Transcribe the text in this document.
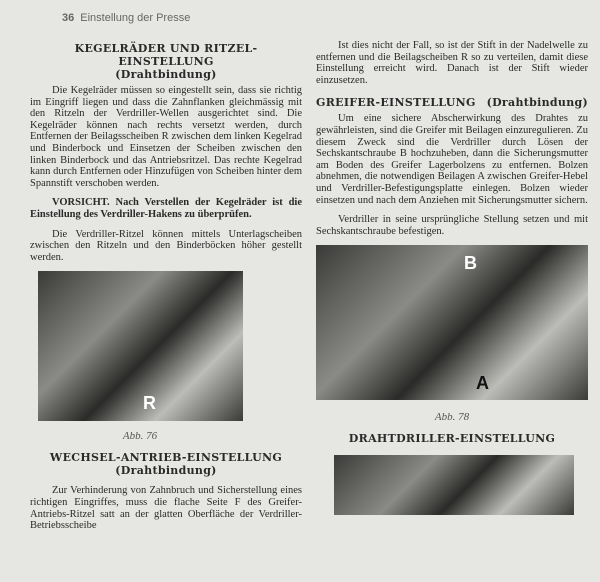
36 Einstellung der Presse
KEGELRÄDER UND RITZEL-EINSTELLUNG
(Drahtbindung)
Die Kegelräder müssen so eingestellt sein, dass sie richtig im Eingriff liegen und dass die Zahnflanken gleichmässig mit den Ritzeln der Verdriller-Wellen ausgerichtet sind. Die Kegelräder können nach rechts versetzt werden, durch Entfernen der Beilagsscheiben R zwischen dem linken Kegelrad und Binderbock und Einsetzen der Scheiben zwischen den linken Binderbock und das Antriebsritzel. Das rechte Kegelrad kann durch Entfernen oder Hinzufügen von Scheiben hinter dem Spannstift verschoben werden.
VORSICHT. Nach Verstellen der Kegelräder ist die Einstellung des Verdriller-Hakens zu überprüfen.
Die Verdriller-Ritzel können mittels Unterlagscheiben zwischen den Ritzeln und den Binderböcken höher gestellt werden.
R
Abb. 76
WECHSEL-ANTRIEB-EINSTELLUNG
(Drahtbindung)
Zur Verhinderung von Zahnbruch und Sicherstellung eines richtigen Eingriffes, muss die flache Seite F des Greifer-Antriebs-Ritzel satt an der glatten Oberfläche der Verdriller-Betriebsscheibe
Ist dies nicht der Fall, so ist der Stift in der Nadelwelle zu entfernen und die Beilagscheiben R so zu verteilen, damit diese Einstellung erreicht wird. Danach ist der Stift wieder einzusetzen.
GREIFER-EINSTELLUNG (Drahtbindung)
Um eine sichere Abscherwirkung des Drahtes zu gewährleisten, sind die Greifer mit Beilagen einzuregulieren. Zu diesem Zweck sind die Verdriller durch Lösen der Sechskantschraube B hochzuheben, dann die Sicherungsmutter am Boden des Greifer Lagerbolzens zu entfernen. Bolzen abnehmen, die notwendigen Beilagen A zwischen Greifer-Hebel und Verdriller-Befestigungsplatte einlegen. Bolzen wieder einsetzen und nach dem Anziehen mit Sicherungsmutter sichern.
Verdriller in seine ursprüngliche Stellung setzen und mit Sechskantschraube befestigen.
B
A
Abb. 78
DRAHTDRILLER-EINSTELLUNG
